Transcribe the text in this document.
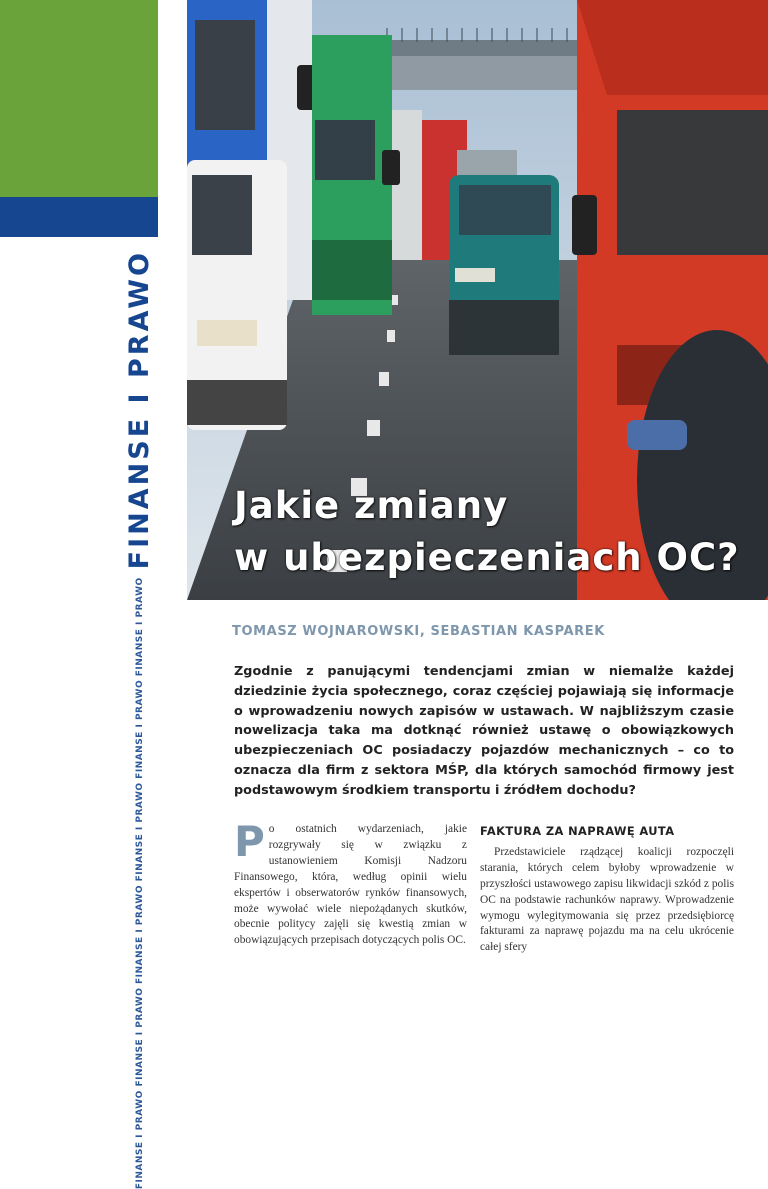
FINANSE I PRAWO FINANSE I PRAWO FINANSE I PRAWO FINANSE I PRAWO FINANSE I PRAWO FINANSE I PRAWO
FINANSE I PRAWO Jakie zmiany
w ubezpieczeniach OC?
TOMASZ WOJNAROWSKI, SEBASTIAN KASPAREK

Zgodnie z panującymi tendencjami zmian w niemalże każdej dziedzinie życia społecznego, coraz częściej pojawiają się informacje o wprowadzeniu nowych zapisów w ustawach. W najbliższym czasie nowelizacja taka ma dotknąć również ustawę o obowiązkowych ubezpieczeniach OC posiadaczy pojazdów mechanicznych – co to oznacza dla firm z sektora MŚP, dla których samochód firmowy jest podstawowym środkiem transportu i źródłem dochodu?

P o ostatnich wydarzeniach, jakie rozgrywały się w związku z ustanowieniem Komisji Nadzoru Finansowego, która, według opinii wielu ekspertów i obserwatorów rynków finansowych, może wywołać wiele niepożądanych skutków, obecnie politycy zajęli się kwestią zmian w obowiązujących przepisach dotyczących polis OC.

FAKTURA ZA NAPRAWĘ AUTA

Przedstawiciele rządzącej koalicji rozpoczęli starania, których celem byłoby wprowadzenie w przyszłości ustawowego zapisu likwidacji szkód z polis OC na podstawie rachunków naprawy. Wprowadzenie wymogu wylegitymowania się przez przedsiębiorcę fakturami za naprawę pojazdu ma na celu ukrócenie całej sfery
